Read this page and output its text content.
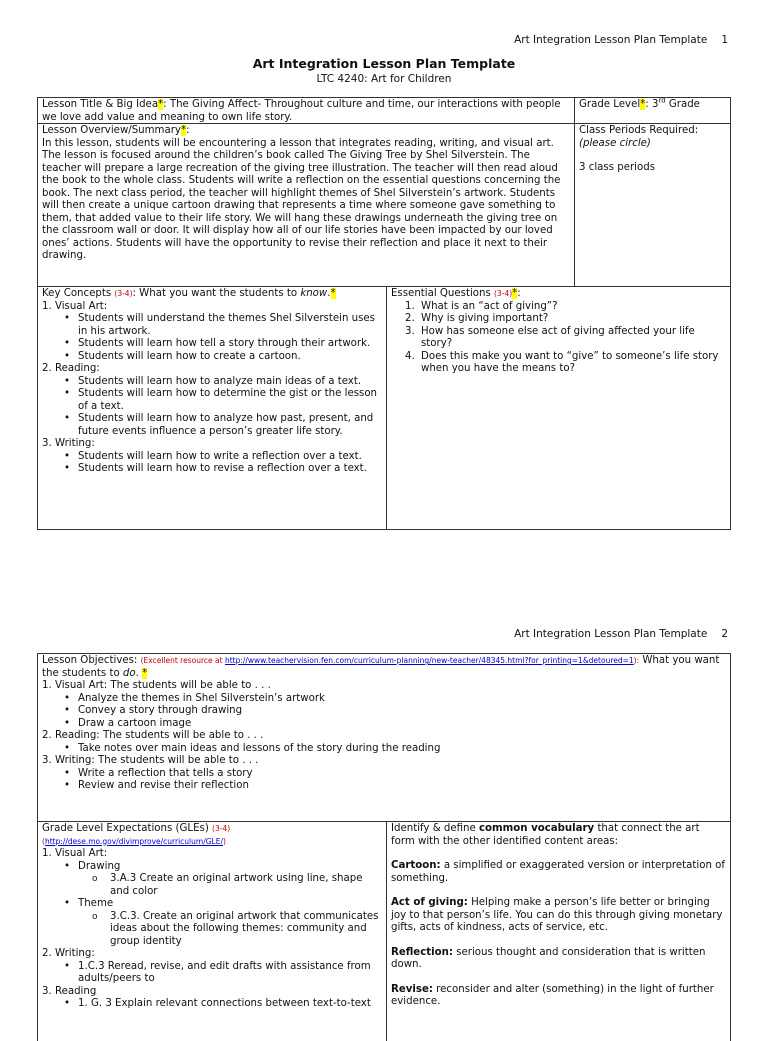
Art Integration Lesson Plan Template 1
Art Integration Lesson Plan Template
LTC 4240: Art for Children
Lesson Title & Big Idea*: The Giving Affect- Throughout culture and time, our interactions with people we love add value and meaning to own life story.
Grade Level*: 3rd Grade
Lesson Overview/Summary*:
In this lesson, students will be encountering a lesson that integrates reading, writing, and visual art. The lesson is focused around the children’s book called The Giving Tree by Shel Silverstein. The teacher will prepare a large recreation of the giving tree illustration. The teacher will then read aloud the book to the whole class. Students will write a reflection on the essential questions concerning the book. The next class period, the teacher will highlight themes of Shel Silverstein’s artwork. Students will then create a unique cartoon drawing that represents a time where someone gave something to them, that added value to their life story. We will hang these drawings underneath the giving tree on the classroom wall or door. It will display how all of our life stories have been impacted by our loved ones’ actions. Students will have the opportunity to revise their reflection and place it next to their drawing.
Class Periods Required:
(please circle)
3 class periods
Key Concepts (3-4): What you want the students to know.*
1. Visual Art:
• Students will understand the themes Shel Silverstein uses in his artwork.
• Students will learn how tell a story through their artwork.
• Students will learn how to create a cartoon.
2. Reading:
• Students will learn how to analyze main ideas of a text.
• Students will learn how to determine the gist or the lesson of a text.
• Students will learn how to analyze how past, present, and future events influence a person’s greater life story.
3. Writing:
• Students will learn how to write a reflection over a text.
• Students will learn how to revise a reflection over a text.
Essential Questions (3-4)*:
1. What is an “act of giving”?
2. Why is giving important?
3. How has someone else act of giving affected your life story?
4. Does this make you want to “give” to someone’s life story when you have the means to?
Art Integration Lesson Plan Template 2
Lesson Objectives: (Excellent resource at http://www.teachervision.fen.com/curriculum-planning/new-teacher/48345.html?for_printing=1&detoured=1): What you want the students to do. *
1. Visual Art: The students will be able to . . .
• Analyze the themes in Shel Silverstein’s artwork
• Convey a story through drawing
• Draw a cartoon image
2. Reading: The students will be able to . . .
• Take notes over main ideas and lessons of the story during the reading
3. Writing: The students will be able to . . .
• Write a reflection that tells a story
• Review and revise their reflection
Grade Level Expectations (GLEs) (3-4)
(http://dese.mo.gov/divimprove/curriculum/GLE/)
1. Visual Art:
• Drawing
o 3.A.3 Create an original artwork using line, shape and color
• Theme
o 3.C.3. Create an original artwork that communicates ideas about the following themes: community and group identity
2. Writing:
• 1.C.3 Reread, revise, and edit drafts with assistance from adults/peers to
3. Reading
• 1. G. 3 Explain relevant connections between text-to-text
Identify & define common vocabulary that connect the art form with the other identified content areas:
Cartoon: a simplified or exaggerated version or interpretation of something.
Act of giving: Helping make a person’s life better or bringing joy to that person’s life. You can do this through giving monetary gifts, acts of kindness, acts of service, etc.
Reflection: serious thought and consideration that is written down.
Revise: reconsider and alter (something) in the light of further evidence.
